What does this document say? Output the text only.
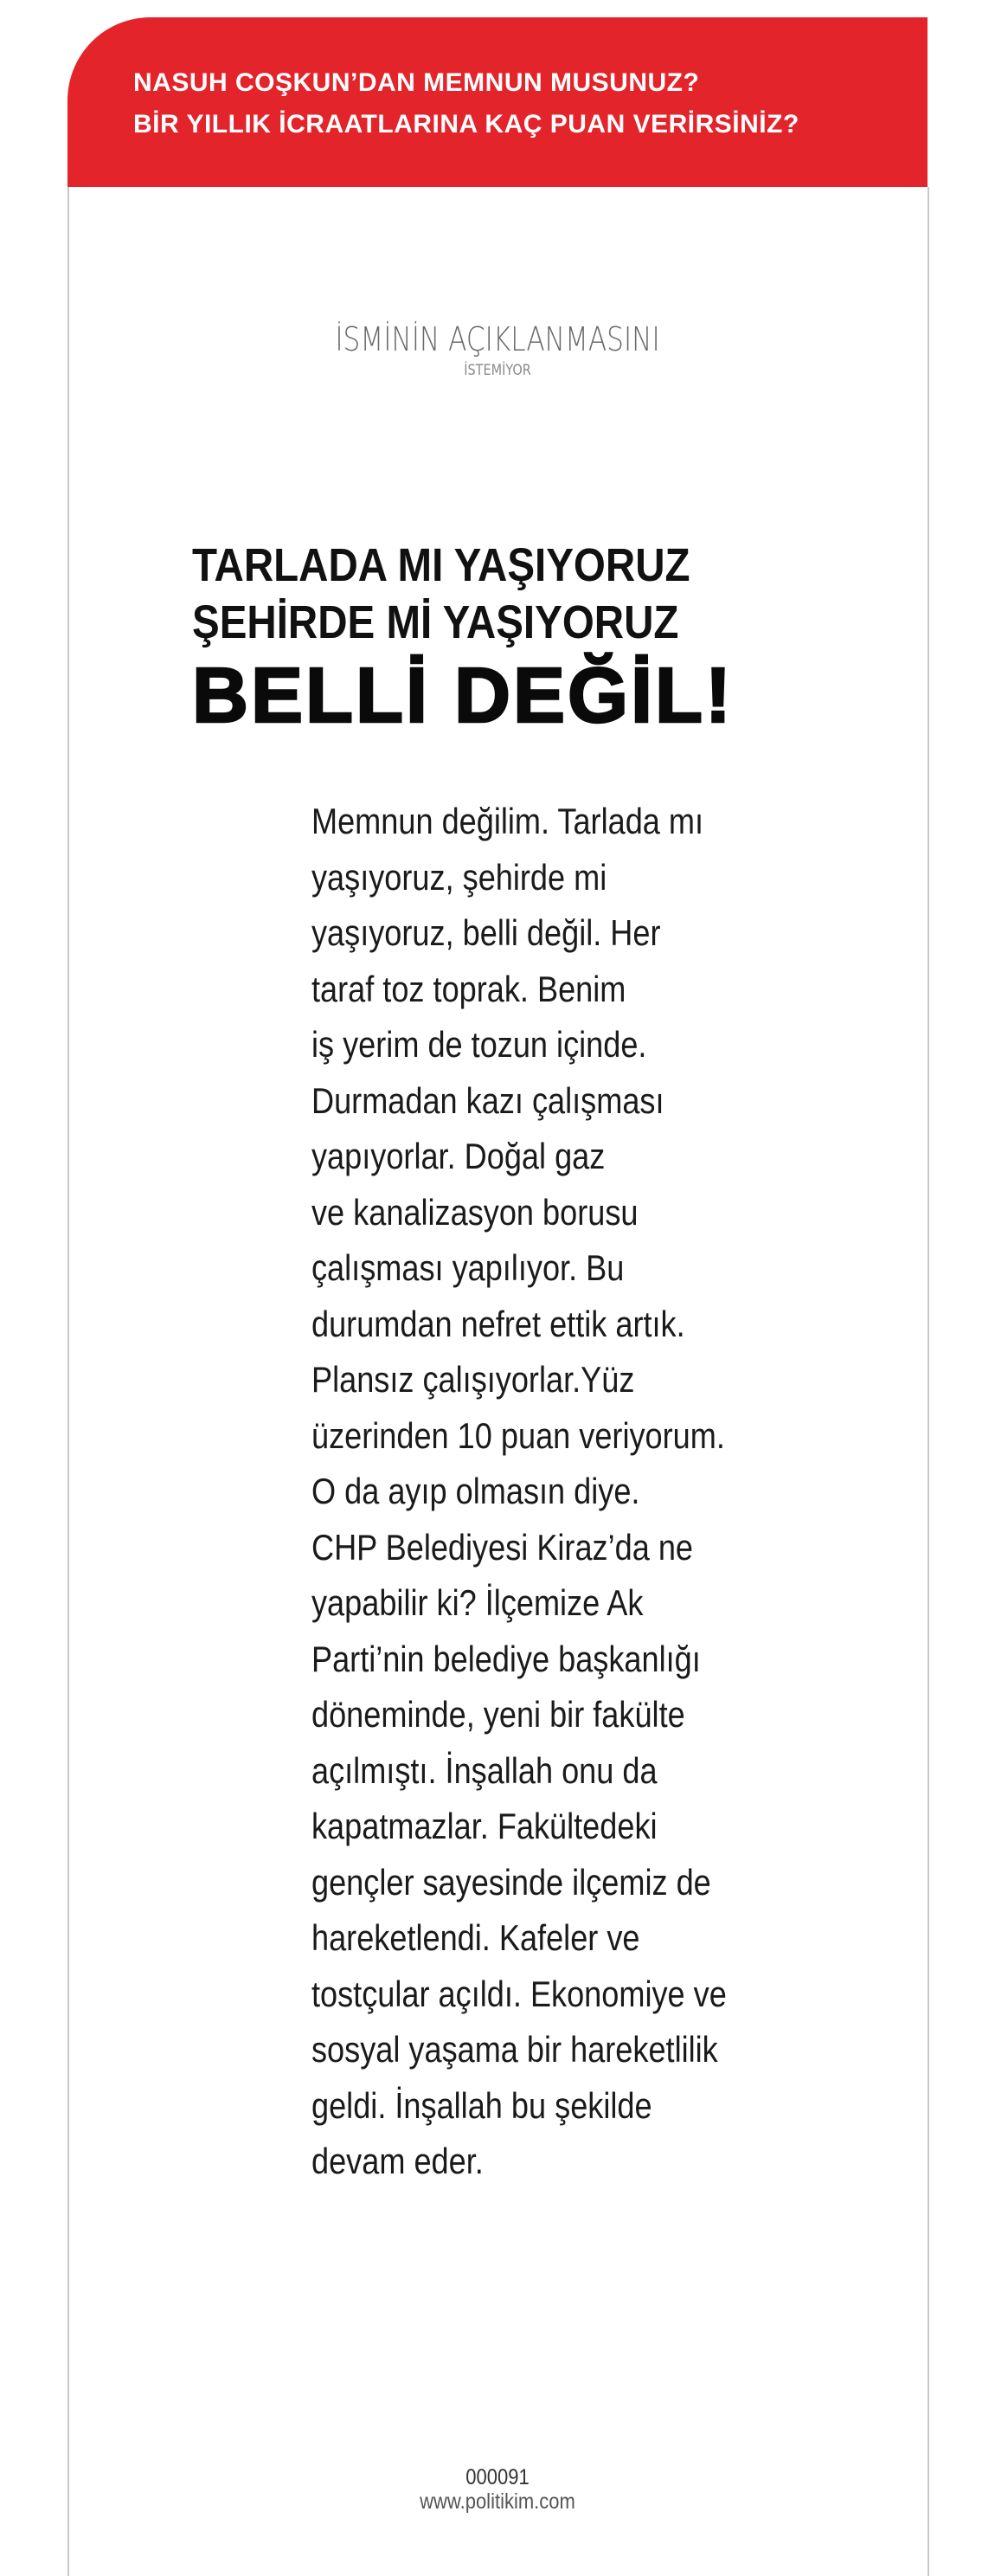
NASUH COŞKUN’DAN MEMNUN MUSUNUZ?
BİR YILLIK İCRAATLARINA KAÇ PUAN VERİRSİNİZ?
İSMİNİN AÇIKLANMASINI
İSTEMİYOR
TARLADA MI YAŞIYORUZ
ŞEHİRDE Mİ YAŞIYORUZ
BELLİ DEĞİL!
Memnun değilim. Tarlada mı
yaşıyoruz, şehirde mi
yaşıyoruz, belli değil. Her
taraf toz toprak. Benim
iş yerim de tozun içinde.
Durmadan kazı çalışması
yapıyorlar. Doğal gaz
ve kanalizasyon borusu
çalışması yapılıyor. Bu
durumdan nefret ettik artık.
Plansız çalışıyorlar.Yüz
üzerinden 10 puan veriyorum.
O da ayıp olmasın diye.
CHP Belediyesi Kiraz’da ne
yapabilir ki? İlçemize Ak
Parti’nin belediye başkanlığı
döneminde, yeni bir fakülte
açılmıştı. İnşallah onu da
kapatmazlar. Fakültedeki
gençler sayesinde ilçemiz de
hareketlendi. Kafeler ve
tostçular açıldı. Ekonomiye ve
sosyal yaşama bir hareketlilik
geldi. İnşallah bu şekilde
devam eder.
000091
www.politikim.com
